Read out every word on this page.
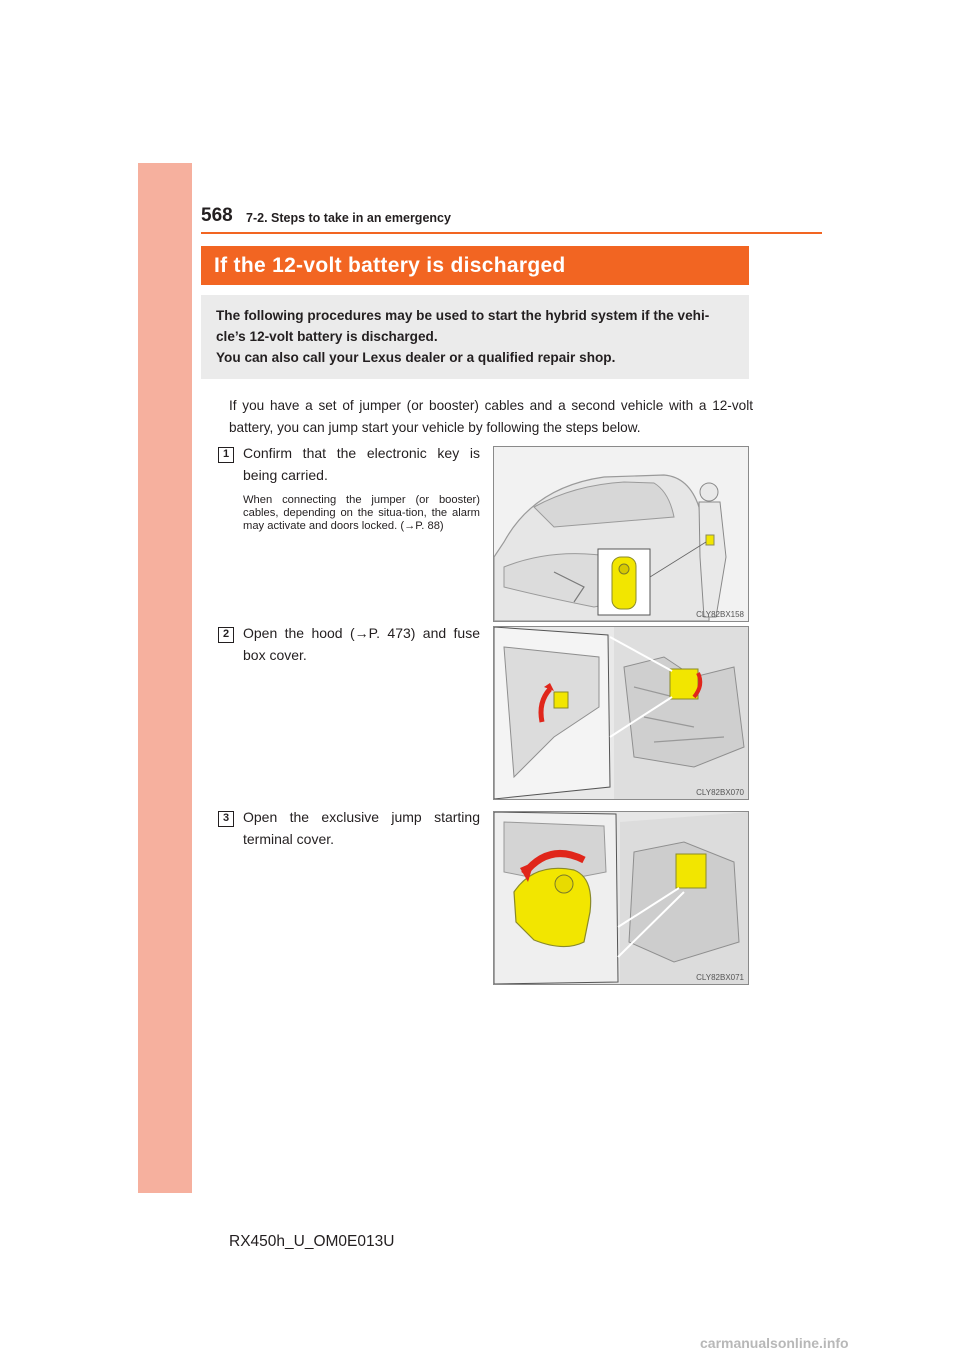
568 7-2. Steps to take in an emergency
If the 12-volt battery is discharged

The following procedures may be used to start the hybrid system if the vehi-

cle’s 12-volt battery is discharged.

You can also call your Lexus dealer or a qualified repair shop.

If you have a set of jumper (or booster) cables and a second vehicle with a 12-volt battery, you can jump start your vehicle by following the steps below.

1 Confirm that the electronic key is being carried.
When connecting the jumper (or booster) cables, depending on the situa-tion, the alarm may activate and doors locked. (→P. 88)
CLY82BX158
2 Open the hood (→P. 473) and fuse box cover.
CLY82BX070
3 Open the exclusive jump starting terminal cover.
CLY82BX071
RX450h_U_OM0E013U
carmanualsonline.info
